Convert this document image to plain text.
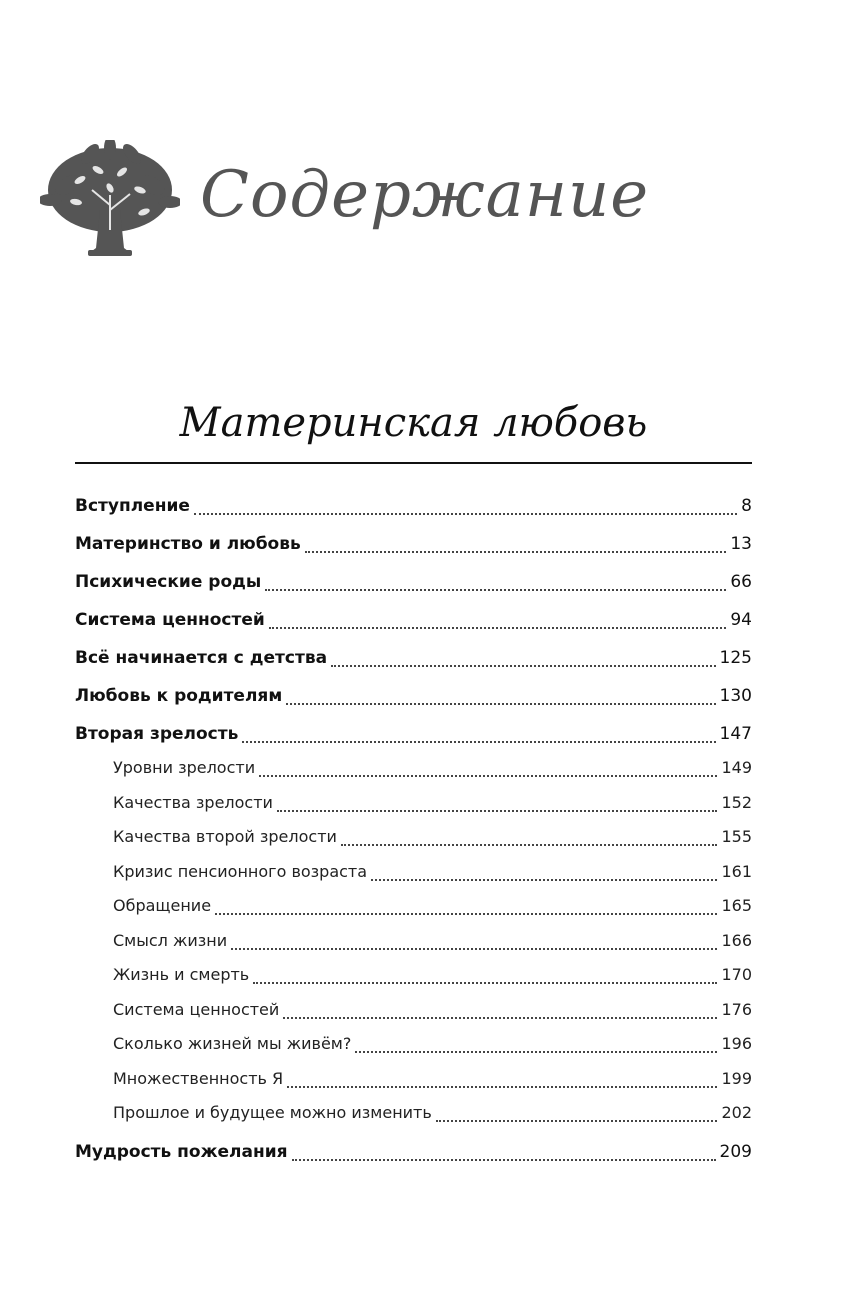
Содержание
Материнская любовь
Вступление	8
Материнство и любовь	13
Психические роды	66
Система ценностей	94
Всё начинается с детства	125
Любовь к родителям	130
Вторая зрелость	147
Уровни зрелости	149
Качества зрелости	152
Качества второй зрелости	155
Кризис пенсионного возраста	161
Обращение	165
Смысл жизни	166
Жизнь и смерть	170
Система ценностей	176
Сколько жизней мы живём?	196
Множественность Я	199
Прошлое и будущее можно изменить	202
Мудрость пожелания	209
